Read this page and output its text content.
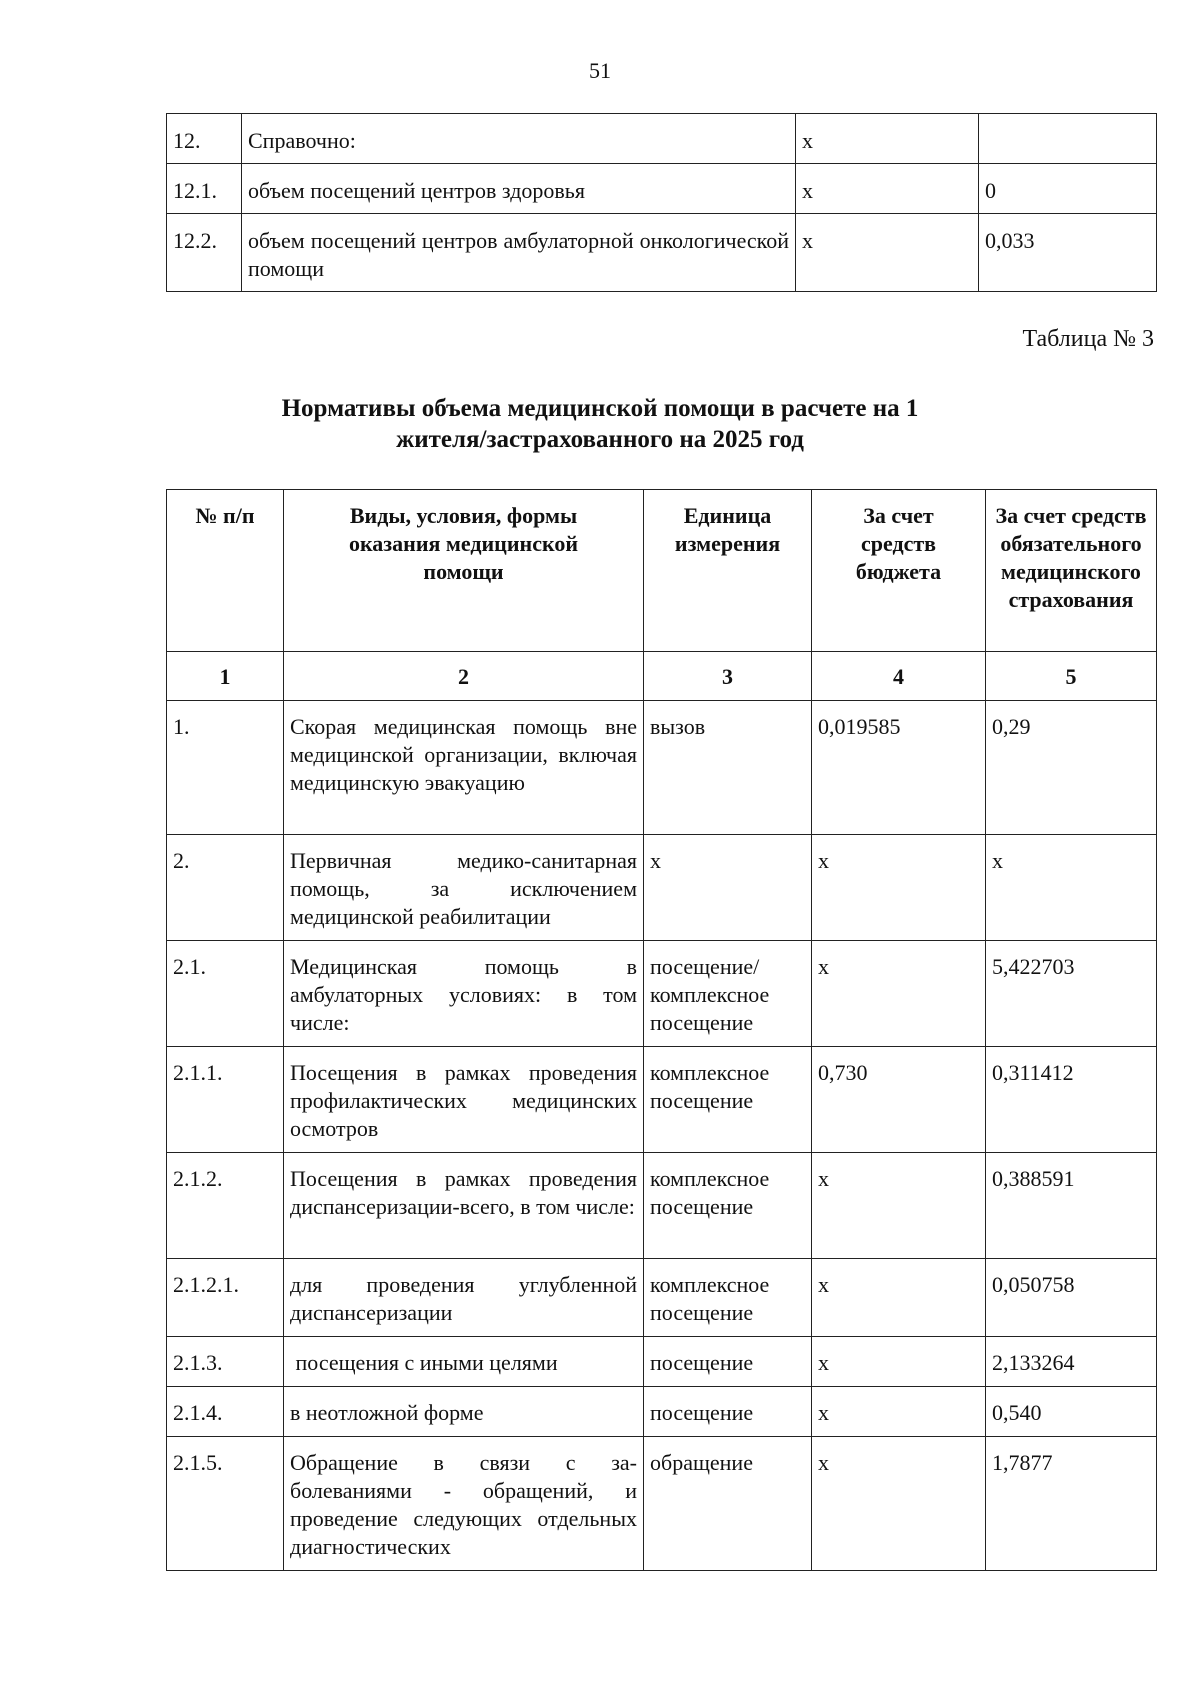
51
12.	Справочно:	х	
12.1.	объем посещений центров здоровья	х	0
12.2.	объем посещений центров амбулаторной онкологической помощи	х	0,033
Таблица № 3
Нормативы объема медицинской помощи в расчете на 1
жителя/застрахованного на 2025 год
№ п/п	Виды, условия, формы оказания медицинской помощи	Единица измерения	За счет средств бюджета	За счет средств обязательного медицинского страхования
1	2	3	4	5
1.	Скорая медицинская помощь вне медицинской организации, включая медицинскую эвакуацию	вызов	0,019585	0,29
2.	Первичная медико-санитарная помощь, за исключением медицинской реабилитации	х	х	х
2.1.	Медицинская помощь в амбулаторных условиях: в том числе:	посещение/ комплексное посещение	х	5,422703
2.1.1.	Посещения в рамках проведения профилактических медицинских осмотров	комплексное посещение	0,730	0,311412
2.1.2.	Посещения в рамках проведения диспансеризации-всего, в том числе:	комплексное посещение	х	0,388591
2.1.2.1.	для проведения углубленной диспансеризации	комплексное посещение	х	0,050758
2.1.3.	посещения с иными целями	посещение	х	2,133264
2.1.4.	в неотложной форме	посещение	х	0,540
2.1.5.	Обращение в связи с за-болеваниями - обращений, и проведение следующих отдельных диагностических	обращение	х	1,7877
